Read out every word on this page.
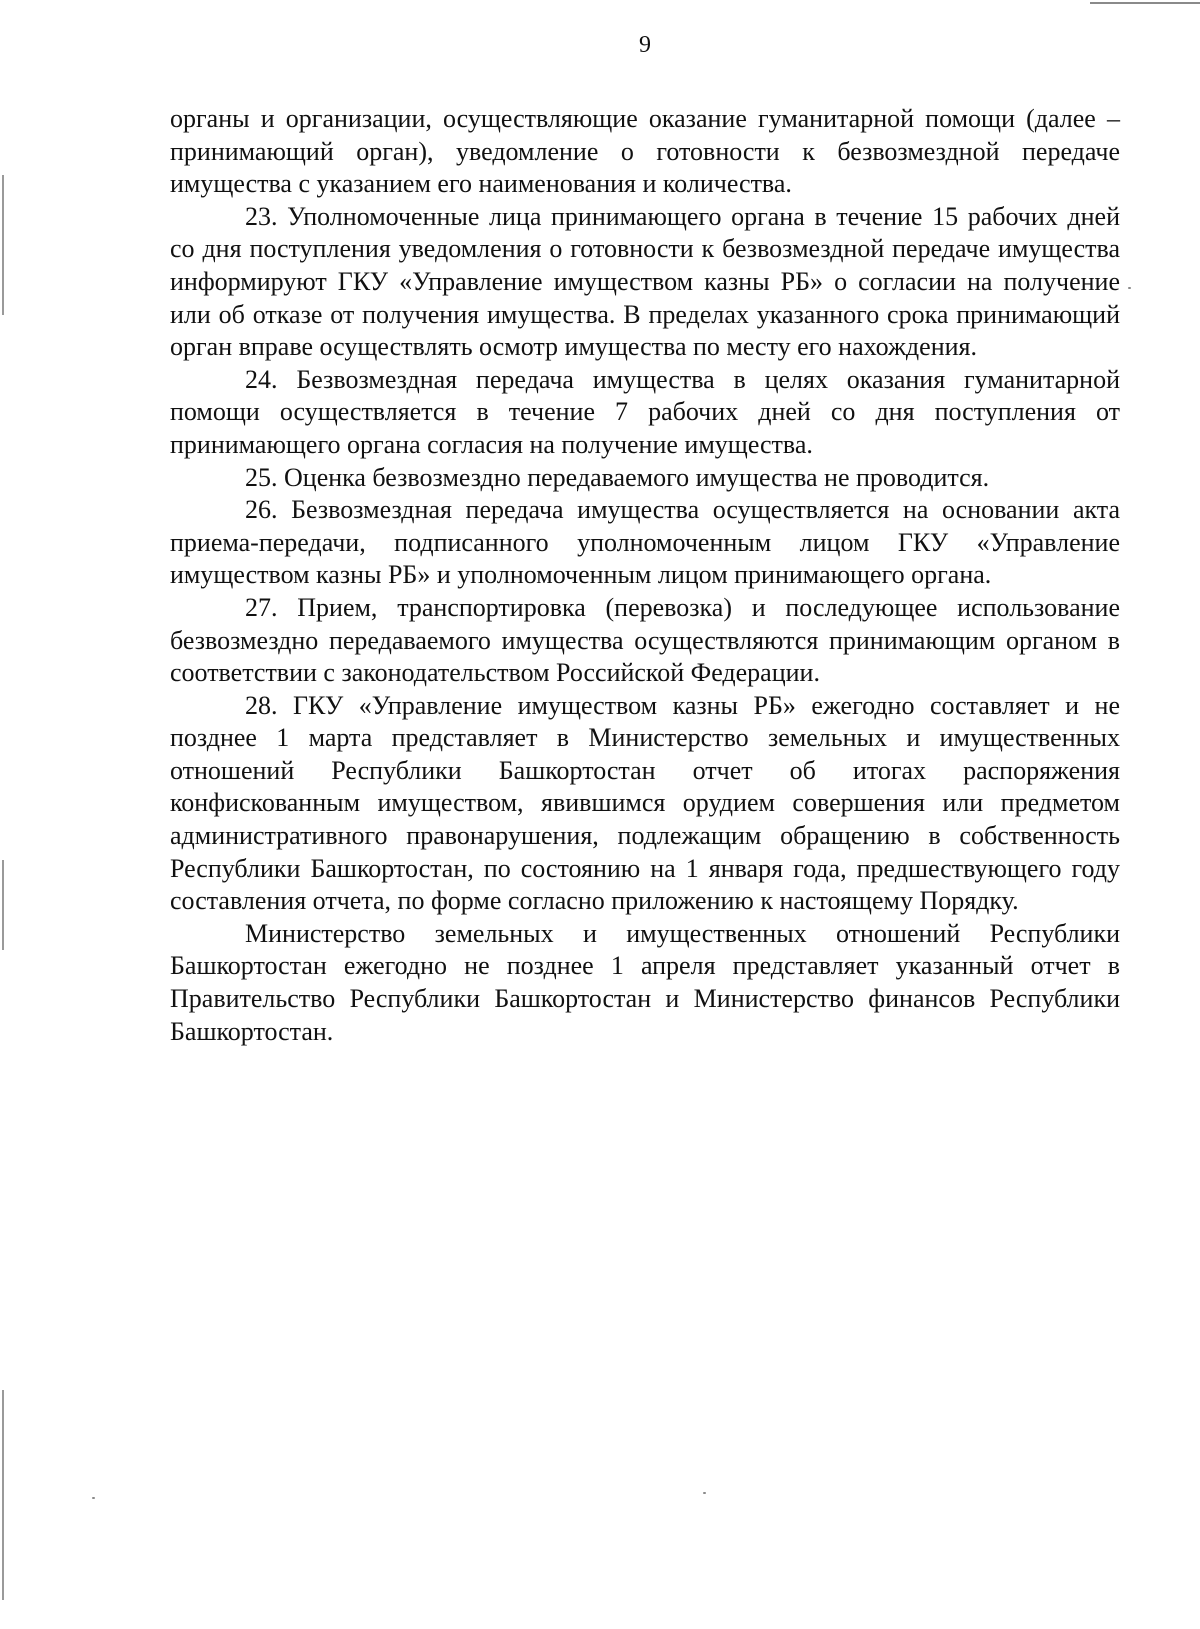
9

органы и организации, осуществляющие оказание гуманитарной помощи (далее – принимающий орган), уведомление о готовности к безвозмездной передаче имущества с указанием его наименования и количества.

23. Уполномоченные лица принимающего органа в течение 15 рабочих дней со дня поступления уведомления о готовности к безвозмездной передаче имущества информируют ГКУ «Управление имуществом казны РБ» о согласии на получение или об отказе от получения имущества. В пределах указанного срока принимающий орган вправе осуществлять осмотр имущества по месту его нахождения.

24. Безвозмездная передача имущества в целях оказания гуманитарной помощи осуществляется в течение 7 рабочих дней со дня поступления от принимающего органа согласия на получение имущества.

25. Оценка безвозмездно передаваемого имущества не проводится.

26. Безвозмездная передача имущества осуществляется на основании акта приема-передачи, подписанного уполномоченным лицом ГКУ «Управление имуществом казны РБ» и уполномоченным лицом принимающего органа.

27. Прием, транспортировка (перевозка) и последующее использование безвозмездно передаваемого имущества осуществляются принимающим органом в соответствии с законодательством Российской Федерации.

28. ГКУ «Управление имуществом казны РБ» ежегодно составляет и не позднее 1 марта представляет в Министерство земельных и имущественных отношений Республики Башкортостан отчет об итогах распоряжения конфискованным имуществом, явившимся орудием совершения или предметом административного правонарушения, подлежащим обращению в собственность Республики Башкортостан, по состоянию на 1 января года, предшествующего году составления отчета, по форме согласно приложению к настоящему Порядку.

Министерство земельных и имущественных отношений Республики Башкортостан ежегодно не позднее 1 апреля представляет указанный отчет в Правительство Республики Башкортостан и Министерство финансов Республики Башкортостан.
